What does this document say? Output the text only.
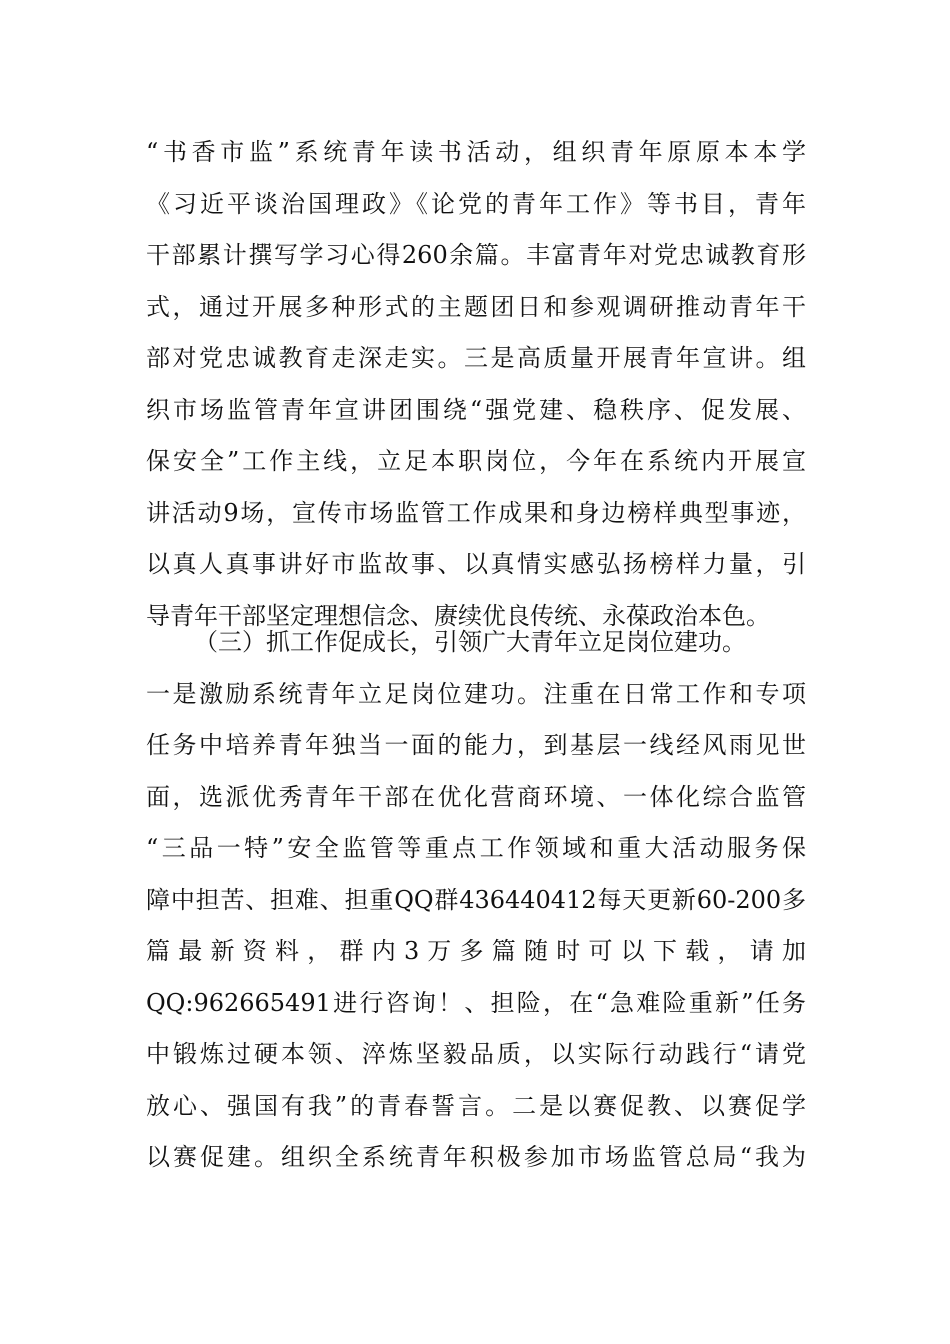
“书香市监”系统青年读书活动，组织青年原原本本学
《习近平谈治国理政》《论党的青年工作》等书目，青年
干部累计撰写学习心得260余篇。丰富青年对党忠诚教育形
式，通过开展多种形式的主题团日和参观调研推动青年干
部对党忠诚教育走深走实。三是高质量开展青年宣讲。组
织市场监管青年宣讲团围绕“强党建、稳秩序、促发展、
保安全”工作主线，立足本职岗位，今年在系统内开展宣
讲活动9场，宣传市场监管工作成果和身边榜样典型事迹，
以真人真事讲好市监故事、以真情实感弘扬榜样力量，引
导青年干部坚定理想信念、赓续优良传统、永葆政治本色。
（三）抓工作促成长，引领广大青年立足岗位建功。
一是激励系统青年立足岗位建功。注重在日常工作和专项
任务中培养青年独当一面的能力，到基层一线经风雨见世
面，选派优秀青年干部在优化营商环境、一体化综合监管
“三品一特”安全监管等重点工作领域和重大活动服务保
障中担苦、担难、担重QQ群436440412每天更新60-200多
篇 最 新 资 料 ， 群 内 3 万 多 篇 随 时 可 以 下 载 ， 请 加
QQ:962665491进行咨询！、担险，在“急难险重新”任务
中锻炼过硬本领、淬炼坚毅品质，以实际行动践行“请党
放心、强国有我”的青春誓言。二是以赛促教、以赛促学
以赛促建。组织全系统青年积极参加市场监管总局“我为
